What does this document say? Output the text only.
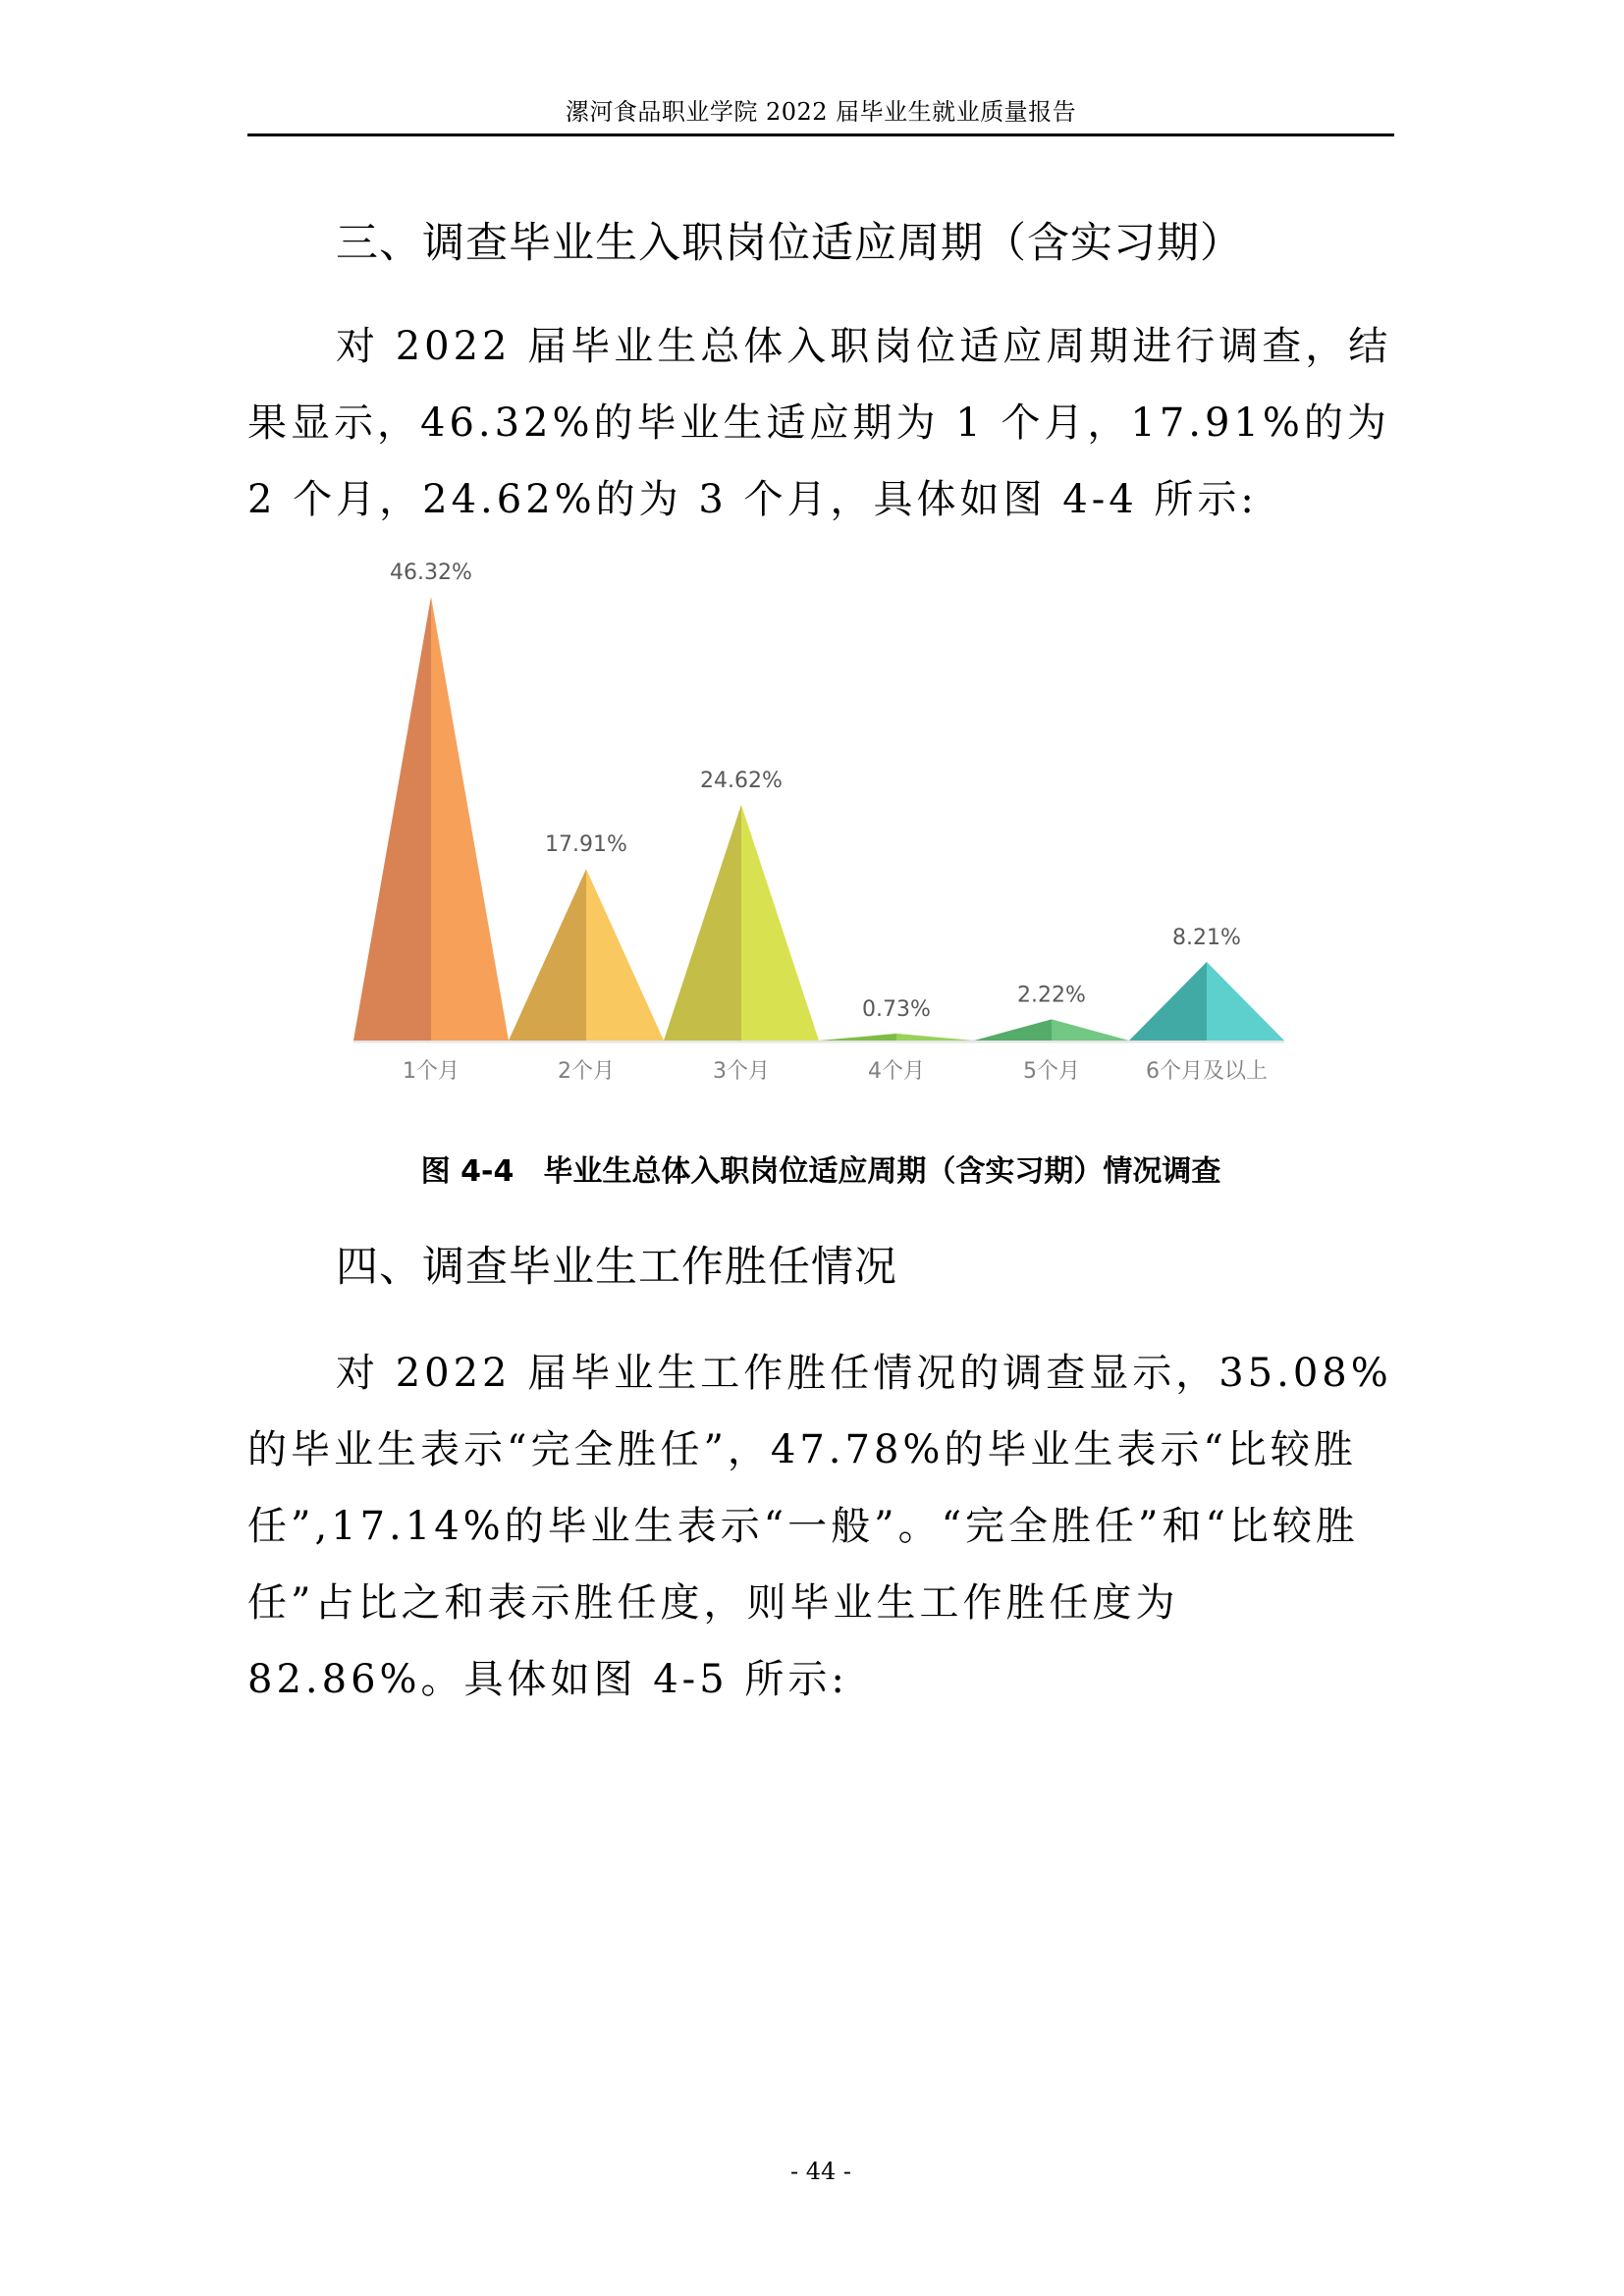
漯河食品职业学院 2022 届毕业生就业质量报告
三、调查毕业生入职岗位适应周期（含实习期）

对 2022 届毕业生总体入职岗位适应周期进行调查，结果显示，46.32%的毕业生适应期为 1 个月，17.91%的为 2 个月，24.62%的为 3 个月，具体如图 4-4 所示:

46.32%
1个月
17.91%
2个月
24.62%
3个月
0.73%
4个月
2.22%
5个月
8.21%
6个月及以上
图 4-4　毕业生总体入职岗位适应周期（含实习期）情况调查
四、调查毕业生工作胜任情况

对 2022 届毕业生工作胜任情况的调查显示，35.08%的毕业生表示“完全胜任”，47.78%的毕业生表示“比较胜任”,17.14%的毕业生表示“一般”。“完全胜任”和“比较胜任”占比之和表示胜任度，则毕业生工作胜任度为 82.86%。具体如图 4-5 所示:

- 44 -
